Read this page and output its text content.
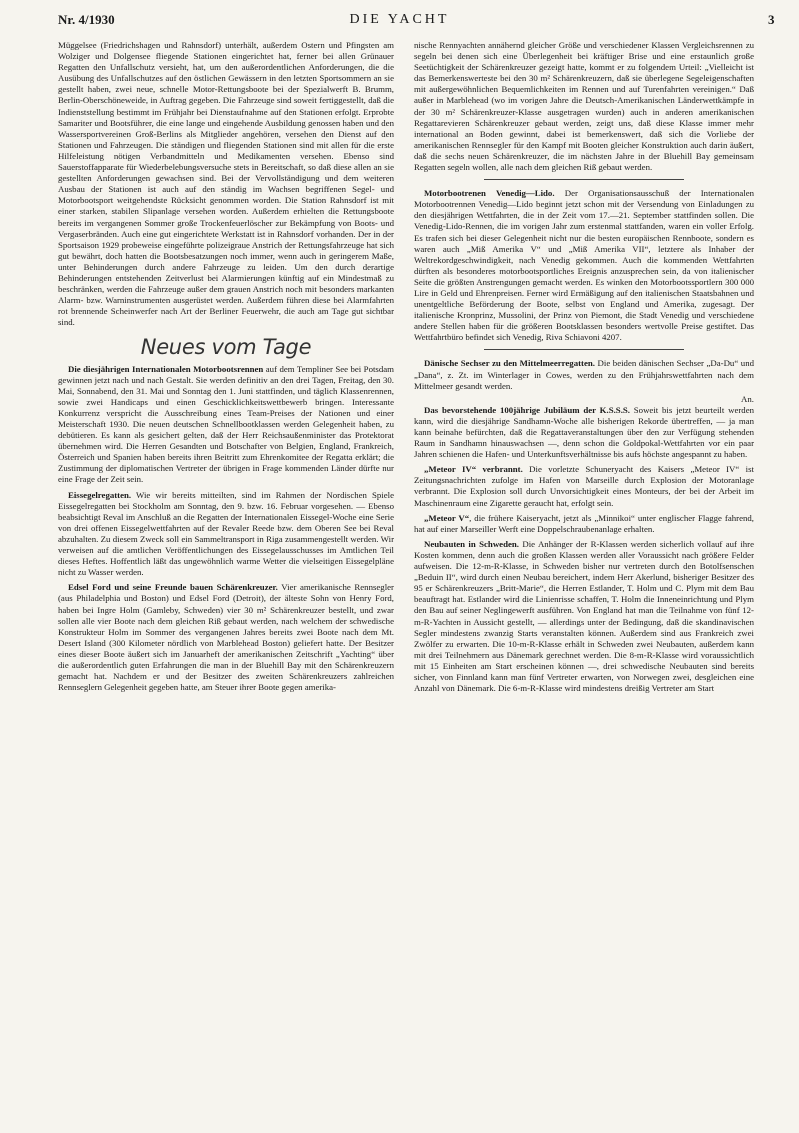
Nr. 4/1930	DIE YACHT	3

Müggelsee (Friedrichshagen und Rahnsdorf) unterhält, außerdem Ostern und Pfingsten am Wolziger und Dolgensee fliegende Stationen eingerichtet hat, ferner bei allen Grünauer Regatten den Unfallschutz versieht, hat, um den außerordentlichen Anforderungen, die die Ausübung des Unfallschutzes auf den östlichen Gewässern in den letzten Sportsommern an sie gestellt haben, zwei neue, schnelle Motor-Rettungsboote bei der Spezialwerft B. Brumm, Berlin-Oberschöneweide, in Auftrag gegeben. Die Fahrzeuge sind soweit fertiggestellt, daß die Indienststellung bestimmt im Frühjahr bei Dienstaufnahme auf den Stationen erfolgt. Erprobte Samariter und Bootsführer, die eine lange und eingehende Ausbildung genossen haben und den Wassersportvereinen Groß-Berlins als Mitglieder angehören, versehen den Dienst auf den Stationen und Fahrzeugen. Die ständigen und fliegenden Stationen sind mit allen für die erste Hilfeleistung nötigen Verbandmitteln und Medikamenten versehen. Ebenso sind Sauerstoffapparate für Wiederbelebungsversuche stets in Bereitschaft, so daß diese allen an sie gestellten Anforderungen gewachsen sind. Bei der Vervollständigung und dem weiteren Ausbau der Stationen ist auch auf den ständig im Wachsen begriffenen Segel- und Motorbootsport weitgehendste Rücksicht genommen worden. Die Station Rahnsdorf ist mit einer starken, stabilen Slipanlage versehen worden. Außerdem erhielten die Rettungsboote bereits im vergangenen Sommer große Trockenfeuerlöscher zur Bekämpfung von Boots- und Vergaserbränden. Auch eine gut eingerichtete Werkstatt ist in Rahnsdorf vorhanden. Der in der Sportsaison 1929 probeweise eingeführte polizeigraue Anstrich der Rettungsfahrzeuge hat sich gut bewährt, doch hatten die Bootsbesatzungen noch immer, wenn auch in geringerem Maße, unter Behinderungen durch andere Fahrzeuge zu leiden. Um den durch derartige Behinderungen entstehenden Zeitverlust bei Alarmierungen künftig auf ein Mindestmaß zu beschränken, werden die Fahrzeuge außer dem grauen Anstrich noch mit besonders markanten Alarm- bzw. Warninstrumenten ausgerüstet werden. Außerdem führen diese bei Alarmfahrten rot brennende Scheinwerfer nach Art der Berliner Feuerwehr, die auch am Tage gut sichtbar sind.

Neues vom Tage

Die diesjährigen Internationalen Motorbootsrennen auf dem Templiner See bei Potsdam gewinnen jetzt nach und nach Gestalt. Sie werden definitiv an den drei Tagen, Freitag, den 30. Mai, Sonnabend, den 31. Mai und Sonntag den 1. Juni stattfinden, und täglich Klassenrennen, sowie zwei Handicaps und einen Geschicklichkeitswettbewerb bringen. Interessante Konkurrenz verspricht die Ausschreibung eines Team-Preises der Nationen und einer Meisterschaft 1930. Die neuen deutschen Schnellbootklassen werden Gelegenheit haben, zu debütieren. Es kann als gesichert gelten, daß der Herr Reichsaußenminister das Protektorat übernehmen wird. Die Herren Gesandten und Botschafter von Belgien, England, Frankreich, Österreich und Spanien haben bereits ihren Beitritt zum Ehrenkomitee der Regatta erklärt; die Zustimmung der diplomatischen Vertreter der übrigen in Frage kommenden Länder dürfte nur eine Frage der Zeit sein.

Eissegelregatten. Wie wir bereits mitteilten, sind im Rahmen der Nordischen Spiele Eissegelregatten bei Stockholm am Sonntag, den 9. bzw. 16. Februar vorgesehen. — Ebenso beabsichtigt Reval im Anschluß an die Regatten der Internationalen Eissegel-Woche eine Serie von drei offenen Eissegelwettfahrten auf der Revaler Reede bzw. dem Oberen See bei Reval abzuhalten. Zu diesem Zweck soll ein Sammeltransport in Riga zusammengestellt werden. Wir verweisen auf die amtlichen Veröffentlichungen des Eissegelausschusses im Amtlichen Teil dieses Heftes. Hoffentlich läßt das ungewöhnlich warme Wetter die vielseitigen Eissegelpläne nicht zu Wasser werden.

Edsel Ford und seine Freunde bauen Schärenkreuzer. Vier amerikanische Rennsegler (aus Philadelphia und Boston) und Edsel Ford (Detroit), der älteste Sohn von Henry Ford, haben bei Ingre Holm (Gamleby, Schweden) vier 30 m² Schärenkreuzer bestellt, und zwar sollen alle vier Boote nach dem gleichen Riß gebaut werden, nach welchem der schwedische Konstrukteur Holm im Sommer des vergangenen Jahres bereits zwei Boote nach dem Mt. Desert Island (300 Kilometer nördlich von Marblehead Boston) geliefert hatte. Der Besitzer eines dieser Boote äußert sich im Januarheft der amerikanischen Zeitschrift „Yachting“ über die außerordentlich guten Erfahrungen die man in der Bluehill Bay mit den Schärenkreuzern gemacht hat. Nachdem er und der Besitzer des zweiten Schärenkreuzers zahlreichen Rennseglern Gelegenheit gegeben hatte, am Steuer ihrer Boote gegen amerika-

nische Rennyachten annähernd gleicher Größe und verschiedener Klassen Vergleichsrennen zu segeln bei denen sich eine Überlegenheit bei kräftiger Brise und eine erstaunlich große Seetüchtigkeit der Schärenkreuzer gezeigt hatte, kommt er zu folgendem Urteil: „Vielleicht ist das Bemerkenswerteste bei den 30 m² Schärenkreuzern, daß sie überlegene Segeleigenschaften mit außergewöhnlichen Bequemlichkeiten im Rennen und auf Turenfahrten vereinigen.“ Daß außer in Marblehead (wo im vorigen Jahre die Deutsch-Amerikanischen Länderwettkämpfe in der 30 m² Schärenkreuzer-Klasse ausgetragen wurden) auch in anderen amerikanischen Regattarevieren Schärenkreuzer gebaut werden, zeigt uns, daß diese Klasse immer mehr international an Boden gewinnt, dabei ist bemerkenswert, daß sich die Vorliebe der amerikanischen Rennsegler für den Kampf mit Booten gleicher Konstruktion auch darin äußert, daß die sechs neuen Schärenkreuzer, die im nächsten Jahre in der Bluehill Bay gemeinsam Regatten segeln wollen, alle nach dem gleichen Riß gebaut werden.

Motorbootrenen Venedig—Lido. Der Organisationsausschuß der Internationalen Motorbootrennen Venedig—Lido beginnt jetzt schon mit der Versendung von Einladungen zu den diesjährigen Wettfahrten, die in der Zeit vom 17.—21. September stattfinden sollen. Die Venedig-Lido-Rennen, die im vorigen Jahr zum erstenmal stattfanden, waren ein voller Erfolg. Es trafen sich bei dieser Gelegenheit nicht nur die besten europäischen Rennboote, sondern es waren auch „Miß Amerika V“ und „Miß Amerika VII“, letztere als Inhaber der Weltrekordgeschwindigkeit, nach Venedig gekommen. Auch die kommenden Wettfahrten dürften als besonderes motorbootsportliches Ereignis anzusprechen sein, da von italienischer Seite die größten Anstrengungen gemacht werden. Es winken den Motorbootssportlern 300 000 Lire in Geld und Ehrenpreisen. Ferner wird Ermäßigung auf den italienischen Staatsbahnen und unentgeltliche Beförderung der Boote, selbst von England und Amerika, zugesagt. Der italienische Kronprinz, Mussolini, der Prinz von Piemont, die Stadt Venedig und verschiedene andere Stellen haben für die größeren Bootsklassen besonders wertvolle Preise gestiftet. Das Wettfahrtbüro befindet sich Venedig, Riva Schiavoni 4207.

Dänische Sechser zu den Mittelmeerregatten. Die beiden dänischen Sechser „Da-Du“ und „Dana“, z. Zt. im Winterlager in Cowes, werden zu den Frühjahrswettfahrten nach dem Mittelmeer gesandt werden.

An.

Das bevorstehende 100jährige Jubiläum der K.S.S.S. Soweit bis jetzt beurteilt werden kann, wird die diesjährige Sandhamn-Woche alle bisherigen Rekorde übertreffen, — ja man kann beinahe befürchten, daß die Regattaveranstaltungen über den zur Verfügung stehenden Raum in Sandhamn hinauswachsen —, denn schon die Goldpokal-Wettfahrten vor ein paar Jahren schienen die Hafen- und Unterkunftsverhältnisse bis aufs höchste angespannt zu haben.

„Meteor IV“ verbrannt. Die vorletzte Schuneryacht des Kaisers „Meteor IV“ ist Zeitungsnachrichten zufolge im Hafen von Marseille durch Explosion der Motoranlage verbrannt. Die Explosion soll durch Unvorsichtigkeit eines Monteurs, der bei der Arbeit im Maschinenraum eine Zigarette geraucht hat, erfolgt sein.

„Meteor V“, die frühere Kaiseryacht, jetzt als „Minnikoi“ unter englischer Flagge fahrend, hat auf einer Marseiller Werft eine Doppelschraubenanlage erhalten.

Neubauten in Schweden. Die Anhänger der R-Klassen werden sicherlich vollauf auf ihre Kosten kommen, denn auch die großen Klassen werden aller Voraussicht nach größere Felder aufweisen. Die 12-m-R-Klasse, in Schweden bisher nur vertreten durch den Botolfsenschen „Beduin II“, wird durch einen Neubau bereichert, indem Herr Akerlund, bisheriger Besitzer des 95 er Schärenkreuzers „Britt-Marie“, die Herren Estlander, T. Holm und C. Plym mit dem Bau beauftragt hat. Estlander wird die Linienrisse schaffen, T. Holm die Inneneinrichtung und Plym den Bau auf seiner Neglingewerft ausführen. Von England hat man die Teilnahme von fünf 12-m-R-Yachten in Aussicht gestellt, — allerdings unter der Bedingung, daß die skandinavischen Segler mindestens zwanzig Starts veranstalten können. Außerdem sind aus Frankreich zwei Zwölfer zu erwarten. Die 10-m-R-Klasse erhält in Schweden zwei Neubauten, außerdem kann mit drei Teilnehmern aus Dänemark gerechnet werden. Die 8-m-R-Klasse wird voraussichtlich mit 15 Einheiten am Start erscheinen können —, drei schwedische Neubauten sind bereits sicher, von Finnland kann man fünf Vertreter erwarten, von Norwegen zwei, desgleichen eine Anzahl von Dänemark. Die 6-m-R-Klasse wird mindestens dreißig Vertreter am Start
